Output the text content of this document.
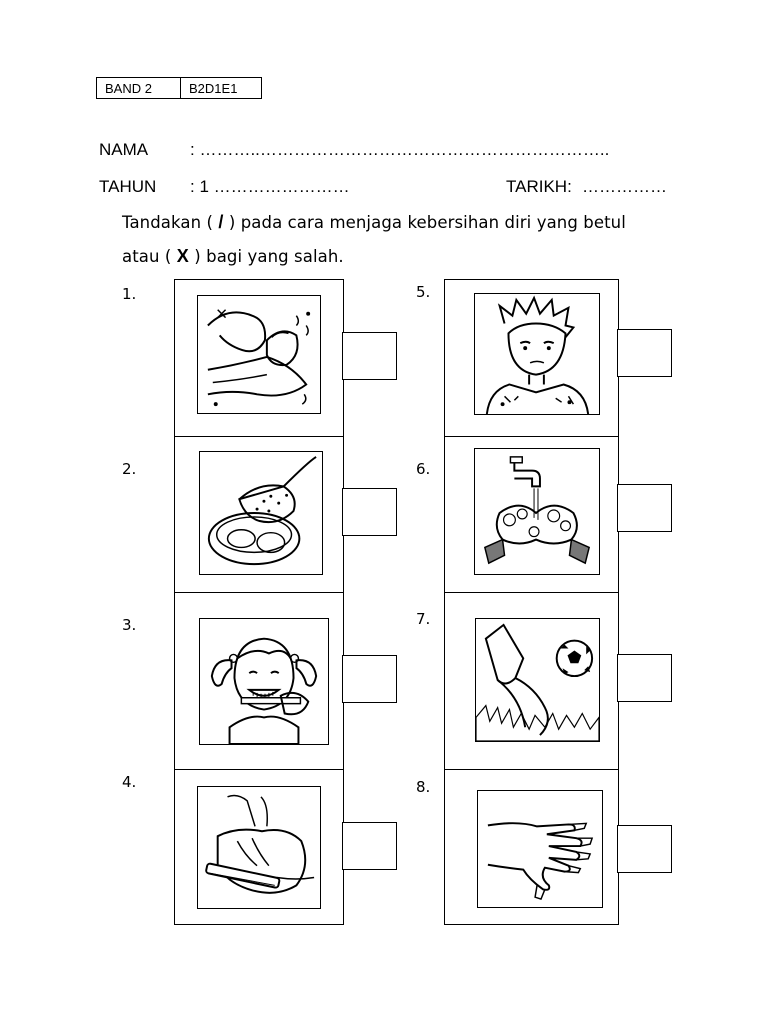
BAND 2	B2D1E1
NAMA : ………..……………………………………………………..
TAHUN : 1 ……………………	TARIKH: ……………
Tandakan ( / ) pada cara menjaga kebersihan diri yang betul
atau ( X ) bagi yang salah.
1.
2.
3.
4.
5.
6.
7.
8.
